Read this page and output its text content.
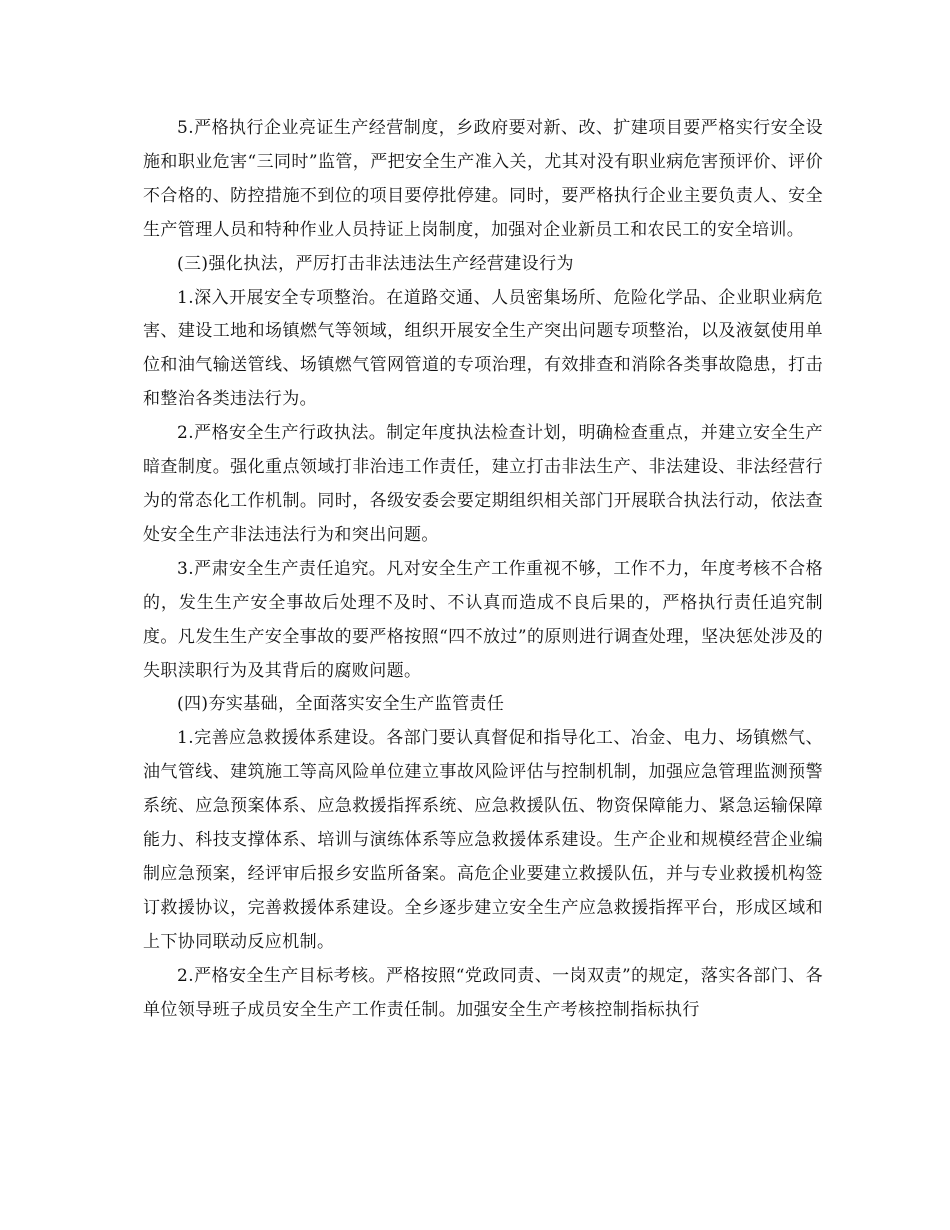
5.严格执行企业亮证生产经营制度，乡政府要对新、改、扩建项目要严格实行安全设施和职业危害“三同时”监管，严把安全生产准入关，尤其对没有职业病危害预评价、评价不合格的、防控措施不到位的项目要停批停建。同时，要严格执行企业主要负责人、安全生产管理人员和特种作业人员持证上岗制度，加强对企业新员工和农民工的安全培训。

(三)强化执法，严厉打击非法违法生产经营建设行为

1.深入开展安全专项整治。在道路交通、人员密集场所、危险化学品、企业职业病危害、建设工地和场镇燃气等领域，组织开展安全生产突出问题专项整治，以及液氨使用单位和油气输送管线、场镇燃气管网管道的专项治理，有效排查和消除各类事故隐患，打击和整治各类违法行为。

2.严格安全生产行政执法。制定年度执法检查计划，明确检查重点，并建立安全生产暗查制度。强化重点领域打非治违工作责任，建立打击非法生产、非法建设、非法经营行为的常态化工作机制。同时，各级安委会要定期组织相关部门开展联合执法行动，依法查处安全生产非法违法行为和突出问题。

3.严肃安全生产责任追究。凡对安全生产工作重视不够，工作不力，年度考核不合格的，发生生产安全事故后处理不及时、不认真而造成不良后果的，严格执行责任追究制度。凡发生生产安全事故的要严格按照“四不放过”的原则进行调查处理，坚决惩处涉及的失职渎职行为及其背后的腐败问题。

(四)夯实基础，全面落实安全生产监管责任

1.完善应急救援体系建设。各部门要认真督促和指导化工、冶金、电力、场镇燃气、油气管线、建筑施工等高风险单位建立事故风险评估与控制机制，加强应急管理监测预警系统、应急预案体系、应急救援指挥系统、应急救援队伍、物资保障能力、紧急运输保障能力、科技支撑体系、培训与演练体系等应急救援体系建设。生产企业和规模经营企业编制应急预案，经评审后报乡安监所备案。高危企业要建立救援队伍，并与专业救援机构签订救援协议，完善救援体系建设。全乡逐步建立安全生产应急救援指挥平台，形成区域和上下协同联动反应机制。

2.严格安全生产目标考核。严格按照“党政同责、一岗双责”的规定，落实各部门、各单位领导班子成员安全生产工作责任制。加强安全生产考核控制指标执行
